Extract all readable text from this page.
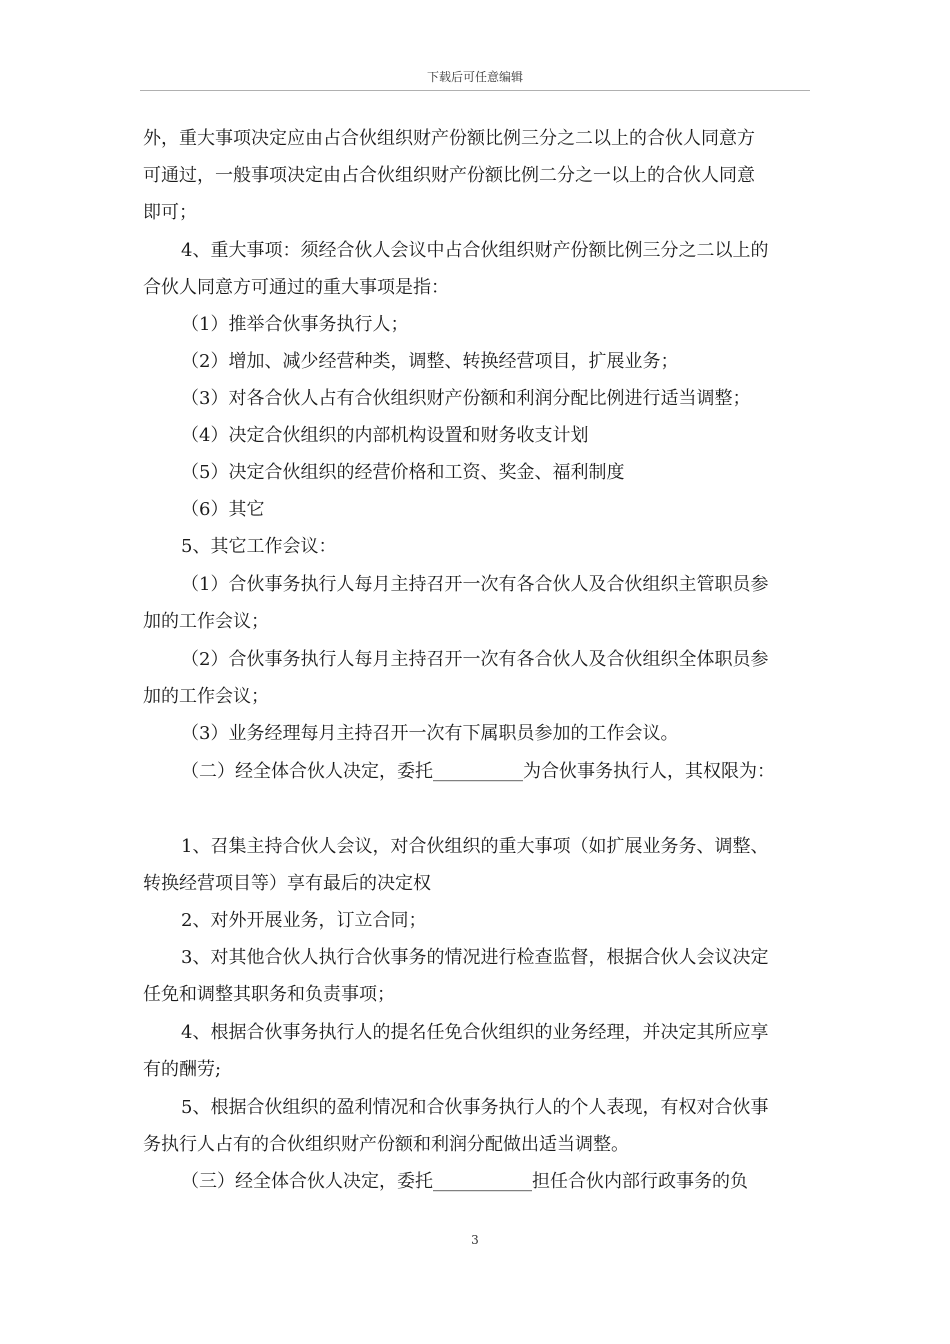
下载后可任意编辑
外，重大事项决定应由占合伙组织财产份额比例三分之二以上的合伙人同意方
可通过，一般事项决定由占合伙组织财产份额比例二分之一以上的合伙人同意
即可；
4、重大事项：须经合伙人会议中占合伙组织财产份额比例三分之二以上的
合伙人同意方可通过的重大事项是指：
（1）推举合伙事务执行人；
（2）增加、减少经营种类，调整、转换经营项目，扩展业务；
（3）对各合伙人占有合伙组织财产份额和利润分配比例进行适当调整；
（4）决定合伙组织的内部机构设置和财务收支计划
（5）决定合伙组织的经营价格和工资、奖金、福利制度
（6）其它
5、其它工作会议：
（1）合伙事务执行人每月主持召开一次有各合伙人及合伙组织主管职员参
加的工作会议；
（2）合伙事务执行人每月主持召开一次有各合伙人及合伙组织全体职员参
加的工作会议；
（3）业务经理每月主持召开一次有下属职员参加的工作会议。
（二）经全体合伙人决定，委托__________为合伙事务执行人，其权限为：
1、召集主持合伙人会议，对合伙组织的重大事项（如扩展业务务、调整、
转换经营项目等）享有最后的决定权
2、对外开展业务，订立合同；
3、对其他合伙人执行合伙事务的情况进行检查监督，根据合伙人会议决定
任免和调整其职务和负责事项；
4、根据合伙事务执行人的提名任免合伙组织的业务经理，并决定其所应享
有的酬劳;
5、根据合伙组织的盈利情况和合伙事务执行人的个人表现，有权对合伙事
务执行人占有的合伙组织财产份额和利润分配做出适当调整。
（三）经全体合伙人决定，委托___________担任合伙内部行政事务的负
3
